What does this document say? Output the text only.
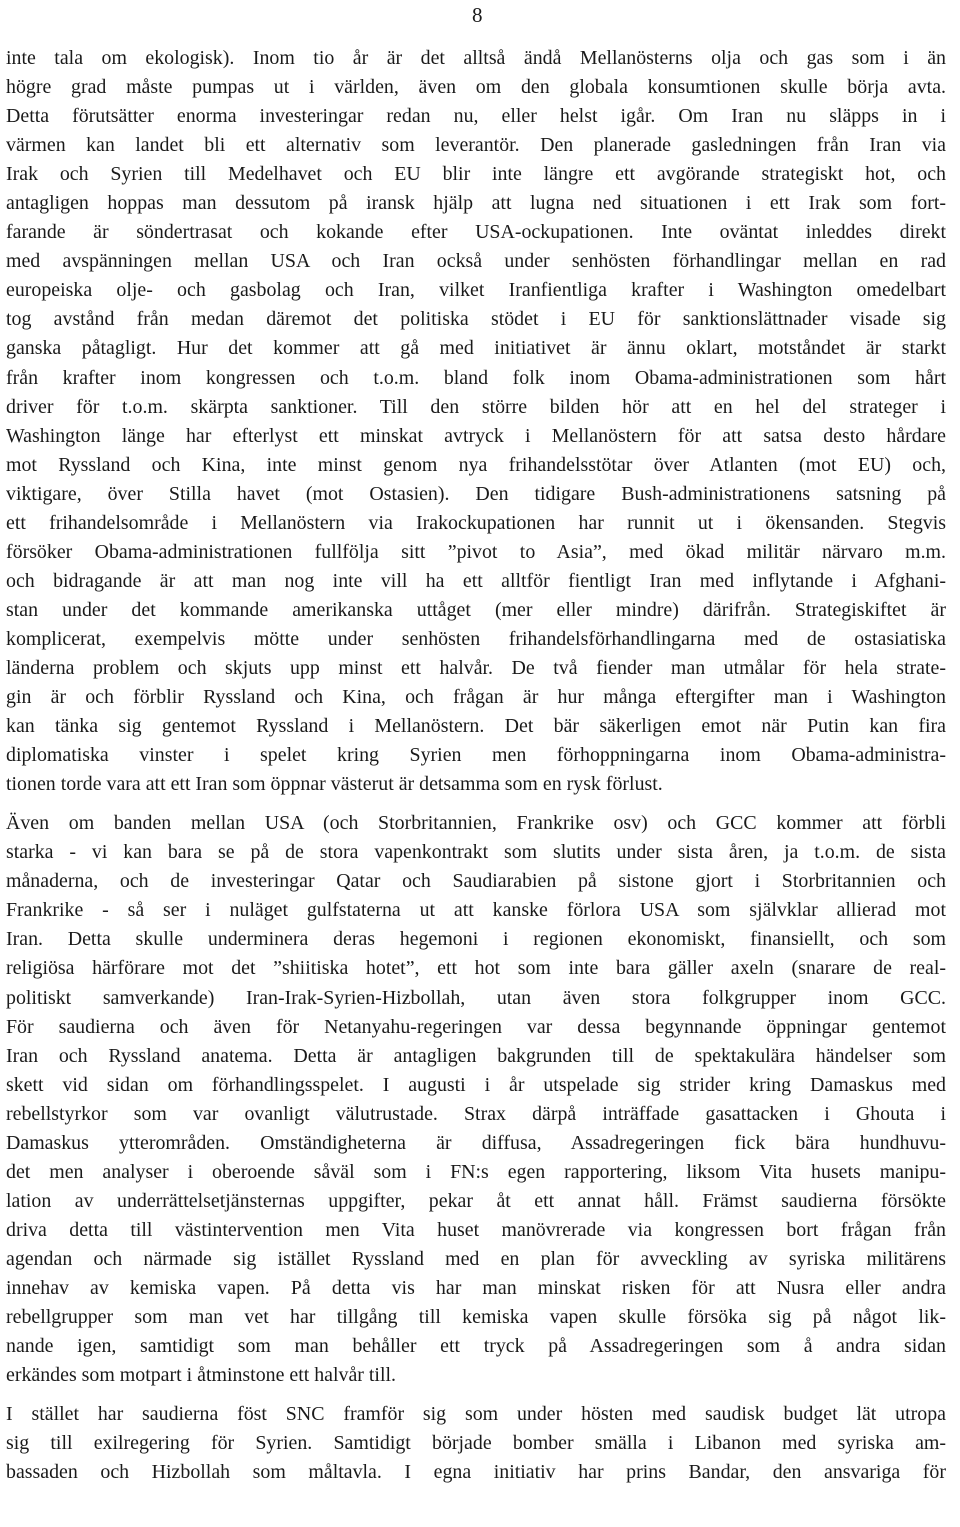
8

inte tala om ekologisk). Inom tio år är det alltså ändå Mellanösterns olja och gas som i än
högre grad måste pumpas ut i världen, även om den globala konsumtionen skulle börja avta.
Detta förutsätter enorma investeringar redan nu, eller helst igår. Om Iran nu släpps in i
värmen kan landet bli ett alternativ som leverantör. Den planerade gasledningen från Iran via
Irak och Syrien till Medelhavet och EU blir inte längre ett avgörande strategiskt hot, och
antagligen hoppas man dessutom på iransk hjälp att lugna ned situationen i ett Irak som fort-
farande är söndertrasat och kokande efter USA-ockupationen. Inte oväntat inleddes direkt
med avspänningen mellan USA och Iran också under senhösten förhandlingar mellan en rad
europeiska olje- och gasbolag och Iran, vilket Iranfientliga krafter i Washington omedelbart
tog avstånd från medan däremot det politiska stödet i EU för sanktionslättnader visade sig
ganska påtagligt. Hur det kommer att gå med initiativet är ännu oklart, motståndet är starkt
från krafter inom kongressen och t.o.m. bland folk inom Obama-administrationen som hårt
driver för t.o.m. skärpta sanktioner. Till den större bilden hör att en hel del strateger i
Washington länge har efterlyst ett minskat avtryck i Mellanöstern för att satsa desto hårdare
mot Ryssland och Kina, inte minst genom nya frihandelsstötar över Atlanten (mot EU) och,
viktigare, över Stilla havet (mot Ostasien). Den tidigare Bush-administrationens satsning på
ett frihandelsområde i Mellanöstern via Irakockupationen har runnit ut i ökensanden. Stegvis
försöker Obama-administrationen fullfölja sitt ”pivot to Asia”, med ökad militär närvaro m.m.
och bidragande är att man nog inte vill ha ett alltför fientligt Iran med inflytande i Afghani-
stan under det kommande amerikanska uttåget (mer eller mindre) därifrån. Strategiskiftet är
komplicerat, exempelvis mötte under senhösten frihandelsförhandlingarna med de ostasiatiska
länderna problem och skjuts upp minst ett halvår. De två fiender man utmålar för hela strate-
gin är och förblir Ryssland och Kina, och frågan är hur många eftergifter man i Washington
kan tänka sig gentemot Ryssland i Mellanöstern. Det bär säkerligen emot när Putin kan fira
diplomatiska vinster i spelet kring Syrien men förhoppningarna inom Obama-administra-
tionen torde vara att ett Iran som öppnar västerut är detsamma som en rysk förlust.

Även om banden mellan USA (och Storbritannien, Frankrike osv) och GCC kommer att förbli
starka - vi kan bara se på de stora vapenkontrakt som slutits under sista åren, ja t.o.m. de sista
månaderna, och de investeringar Qatar och Saudiarabien på sistone gjort i Storbritannien och
Frankrike - så ser i nuläget gulfstaterna ut att kanske förlora USA som självklar allierad mot
Iran. Detta skulle underminera deras hegemoni i regionen ekonomiskt, finansiellt, och som
religiösa härförare mot det ”shiitiska hotet”, ett hot som inte bara gäller axeln (snarare de real-
politiskt samverkande) Iran-Irak-Syrien-Hizbollah, utan även stora folkgrupper inom GCC.
För saudierna och även för Netanyahu-regeringen var dessa begynnande öppningar gentemot
Iran och Ryssland anatema. Detta är antagligen bakgrunden till de spektakulära händelser som
skett vid sidan om förhandlingsspelet. I augusti i år utspelade sig strider kring Damaskus med
rebellstyrkor som var ovanligt välutrustade. Strax därpå inträffade gasattacken i Ghouta i
Damaskus ytterområden. Omständigheterna är diffusa, Assadregeringen fick bära hundhuvu-
det men analyser i oberoende såväl som i FN:s egen rapportering, liksom Vita husets manipu-
lation av underrättelsetjänsternas uppgifter, pekar åt ett annat håll. Främst saudierna försökte
driva detta till västintervention men Vita huset manövrerade via kongressen bort frågan från
agendan och närmade sig istället Ryssland med en plan för avveckling av syriska militärens
innehav av kemiska vapen. På detta vis har man minskat risken för att Nusra eller andra
rebellgrupper som man vet har tillgång till kemiska vapen skulle försöka sig på något lik-
nande igen, samtidigt som man behåller ett tryck på Assadregeringen som å andra sidan
erkändes som motpart i åtminstone ett halvår till.

I stället har saudierna föst SNC framför sig som under hösten med saudisk budget lät utropa
sig till exilregering för Syrien. Samtidigt började bomber smälla i Libanon med syriska am-
bassaden och Hizbollah som måltavla. I egna initiativ har prins Bandar, den ansvariga för
